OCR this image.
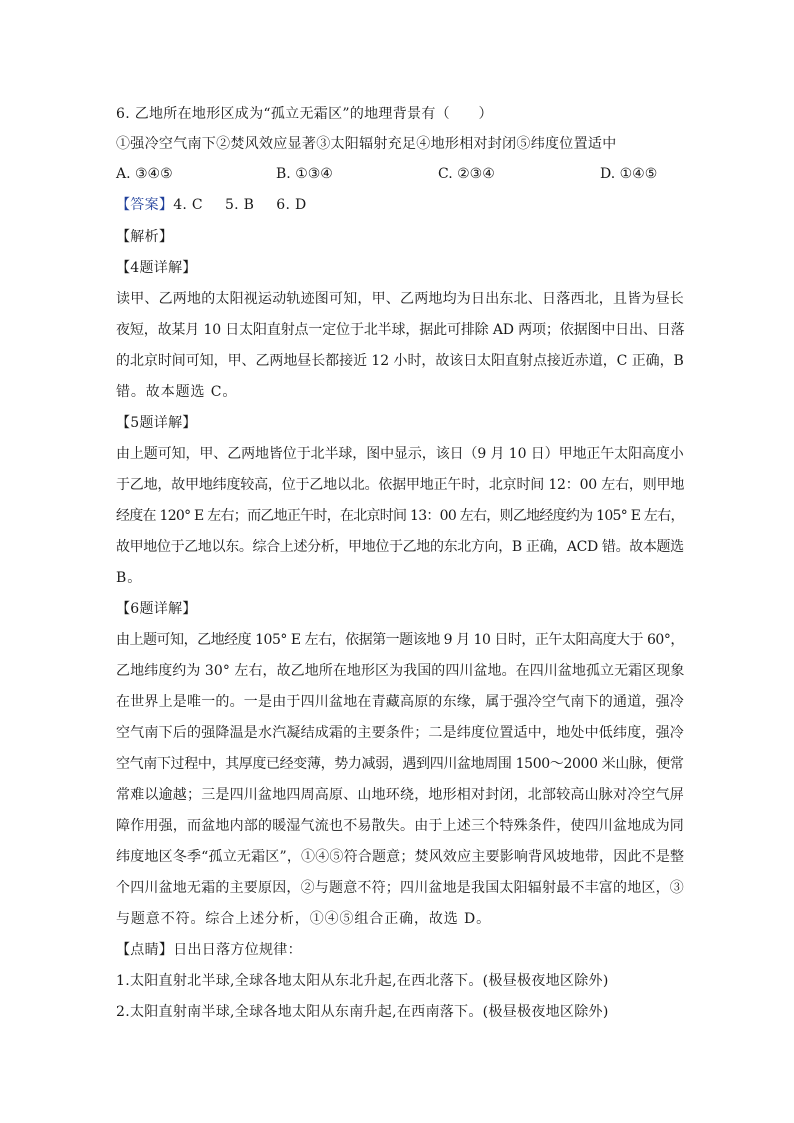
6. 乙地所在地形区成为“孤立无霜区”的地理背景有（　　）
①强冷空气南下②焚风效应显著③太阳辐射充足④地形相对封闭⑤纬度位置适中
A. ③④⑤	B. ①③④	C. ②③④	D. ①④⑤
【答案】4. C 5. B 6. D
【解析】
【4题详解】
读甲、乙两地的太阳视运动轨迹图可知，甲、乙两地均为日出东北、日落西北，且皆为昼长
夜短，故某月 10 日太阳直射点一定位于北半球，据此可排除 AD 两项；依据图中日出、日落
的北京时间可知，甲、乙两地昼长都接近 12 小时，故该日太阳直射点接近赤道，C 正确，B
错。故本题选 C。
【5题详解】
由上题可知，甲、乙两地皆位于北半球，图中显示，该日（9 月 10 日）甲地正午太阳高度小
于乙地，故甲地纬度较高，位于乙地以北。依据甲地正午时，北京时间 12：00 左右，则甲地
经度在 120° E 左右；而乙地正午时，在北京时间 13：00 左右，则乙地经度约为 105° E 左右，
故甲地位于乙地以东。综合上述分析，甲地位于乙地的东北方向，B 正确，ACD 错。故本题选
B。
【6题详解】
由上题可知，乙地经度 105° E 左右，依据第一题该地 9 月 10 日时，正午太阳高度大于 60°，
乙地纬度约为 30° 左右，故乙地所在地形区为我国的四川盆地。在四川盆地孤立无霜区现象
在世界上是唯一的。一是由于四川盆地在青藏高原的东缘，属于强冷空气南下的通道，强冷
空气南下后的强降温是水汽凝结成霜的主要条件；二是纬度位置适中，地处中低纬度，强冷
空气南下过程中，其厚度已经变薄，势力减弱，遇到四川盆地周围 1500～2000 米山脉，便常
常难以逾越；三是四川盆地四周高原、山地环绕，地形相对封闭，北部较高山脉对冷空气屏
障作用强，而盆地内部的暖湿气流也不易散失。由于上述三个特殊条件，使四川盆地成为同
纬度地区冬季“孤立无霜区”，①④⑤符合题意；焚风效应主要影响背风坡地带，因此不是整
个四川盆地无霜的主要原因，②与题意不符；四川盆地是我国太阳辐射最不丰富的地区，③
与题意不符。综合上述分析，①④⑤组合正确，故选 D。
【点睛】日出日落方位规律：
1.太阳直射北半球,全球各地太阳从东北升起,在西北落下。(极昼极夜地区除外)
2.太阳直射南半球,全球各地太阳从东南升起,在西南落下。(极昼极夜地区除外)
